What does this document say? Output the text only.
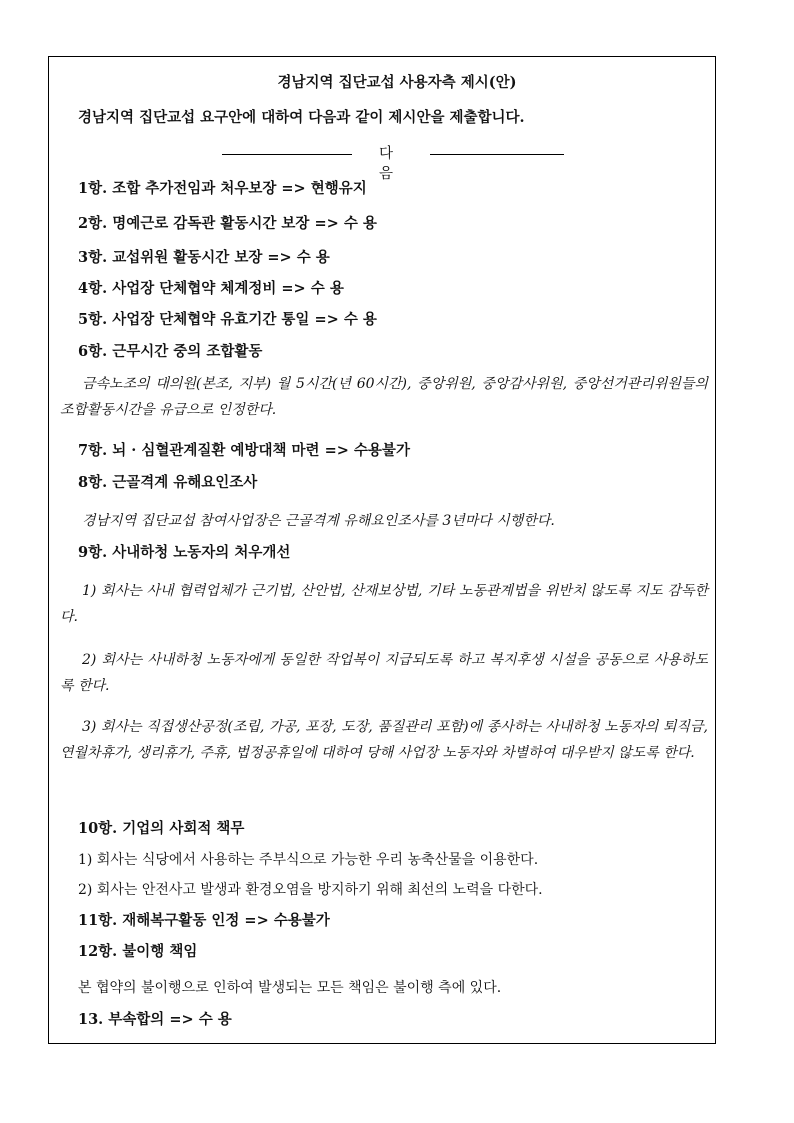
경남지역 집단교섭 사용자측 제시(안)
경남지역 집단교섭 요구안에 대하여 다음과 같이 제시안을 제출합니다.
다 음
1항. 조합 추가전임과 처우보장 => 현행유지
2항. 명예근로 감독관 활동시간 보장 => 수 용
3항. 교섭위원 활동시간 보장 => 수 용
4항. 사업장 단체협약 체계정비 => 수 용
5항. 사업장 단체협약 유효기간 통일 => 수 용
6항. 근무시간 중의 조합활동
금속노조의 대의원(본조, 지부) 월 5시간(년 60시간), 중앙위원, 중앙감사위원, 중앙선거관리위원들의 조합활동시간을 유급으로 인정한다.
7항. 뇌 · 심혈관계질환 예방대책 마련 => 수용불가
8항. 근골격계 유해요인조사
경남지역 집단교섭 참여사업장은 근골격계 유해요인조사를 3년마다 시행한다.
9항. 사내하청 노동자의 처우개선
1) 회사는 사내 협력업체가 근기법, 산안법, 산재보상법, 기타 노동관계법을 위반치 않도록 지도 감독한다.
2) 회사는 사내하청 노동자에게 동일한 작업복이 지급되도록 하고 복지후생 시설을 공동으로 사용하도록 한다.
3) 회사는 직접생산공정(조립, 가공, 포장, 도장, 품질관리 포함)에 종사하는 사내하청 노동자의 퇴직금, 연월차휴가, 생리휴가, 주휴, 법정공휴일에 대하여 당해 사업장 노동자와 차별하여 대우받지 않도록 한다.
10항. 기업의 사회적 책무
1) 회사는 식당에서 사용하는 주부식으로 가능한 우리 농축산물을 이용한다.
2) 회사는 안전사고 발생과 환경오염을 방지하기 위해 최선의 노력을 다한다.
11항. 재해복구활동 인정 => 수용불가
12항. 불이행 책임
본 협약의 불이행으로 인하여 발생되는 모든 책임은 불이행 측에 있다.
13. 부속합의 => 수 용
